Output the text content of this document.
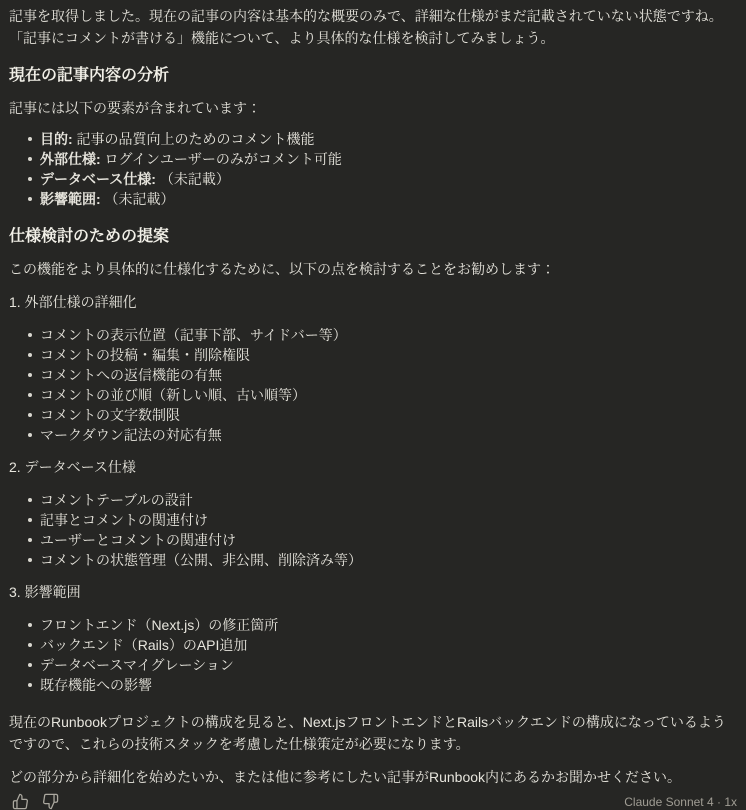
記事を取得しました。現在の記事の内容は基本的な概要のみで、詳細な仕様がまだ記載されていない状態ですね。「記事にコメントが書ける」機能について、より具体的な仕様を検討してみましょう。

現在の記事内容の分析

記事には以下の要素が含まれています：

目的: 記事の品質向上のためのコメント機能
外部仕様: ログインユーザーのみがコメント可能
データベース仕様: （未記載）
影響範囲: （未記載）
仕様検討のための提案

この機能をより具体的に仕様化するために、以下の点を検討することをお勧めします：

1. 外部仕様の詳細化

コメントの表示位置（記事下部、サイドバー等）
コメントの投稿・編集・削除権限
コメントへの返信機能の有無
コメントの並び順（新しい順、古い順等）
コメントの文字数制限
マークダウン記法の対応有無

2. データベース仕様

コメントテーブルの設計
記事とコメントの関連付け
ユーザーとコメントの関連付け
コメントの状態管理（公開、非公開、削除済み等）

3. 影響範囲

フロントエンド（Next.js）の修正箇所
バックエンド（Rails）のAPI追加
データベースマイグレーション
既存機能への影響

現在のRunbookプロジェクトの構成を見ると、Next.jsフロントエンドとRailsバックエンドの構成になっているようですので、これらの技術スタックを考慮した仕様策定が必要になります。

どの部分から詳細化を始めたいか、または他に参考にしたい記事がRunbook内にあるかお聞かせください。

Claude Sonnet 4 · 1x
